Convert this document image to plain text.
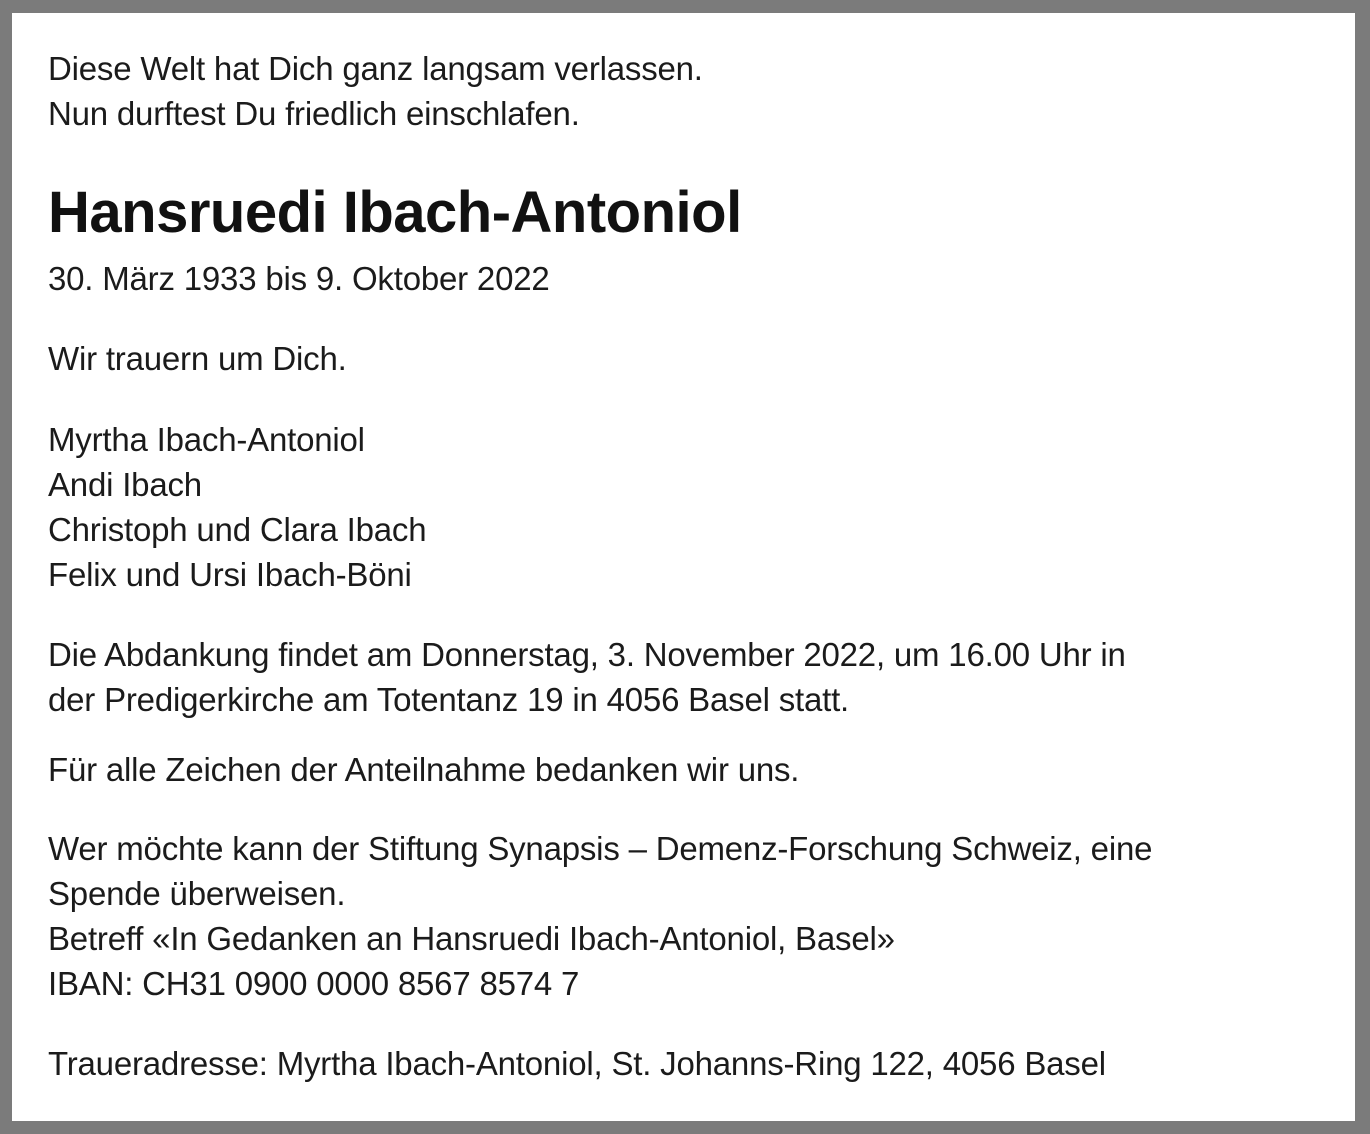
Diese Welt hat Dich ganz langsam verlassen.

Nun durftest Du friedlich einschlafen.

Hansruedi Ibach-Antoniol

30. März 1933 bis 9. Oktober 2022

Wir trauern um Dich.

Myrtha Ibach-Antoniol

Andi Ibach

Christoph und Clara Ibach

Felix und Ursi Ibach-Böni

Die Abdankung findet am Donnerstag, 3. November 2022, um 16.00 Uhr in

der Predigerkirche am Totentanz 19 in 4056 Basel statt.

Für alle Zeichen der Anteilnahme bedanken wir uns.

Wer möchte kann der Stiftung Synapsis – Demenz-Forschung Schweiz, eine

Spende überweisen.

Betreff «In Gedanken an Hansruedi Ibach-Antoniol, Basel»

IBAN: CH31 0900 0000 8567 8574 7

Traueradresse: Myrtha Ibach-Antoniol, St. Johanns-Ring 122, 4056 Basel
